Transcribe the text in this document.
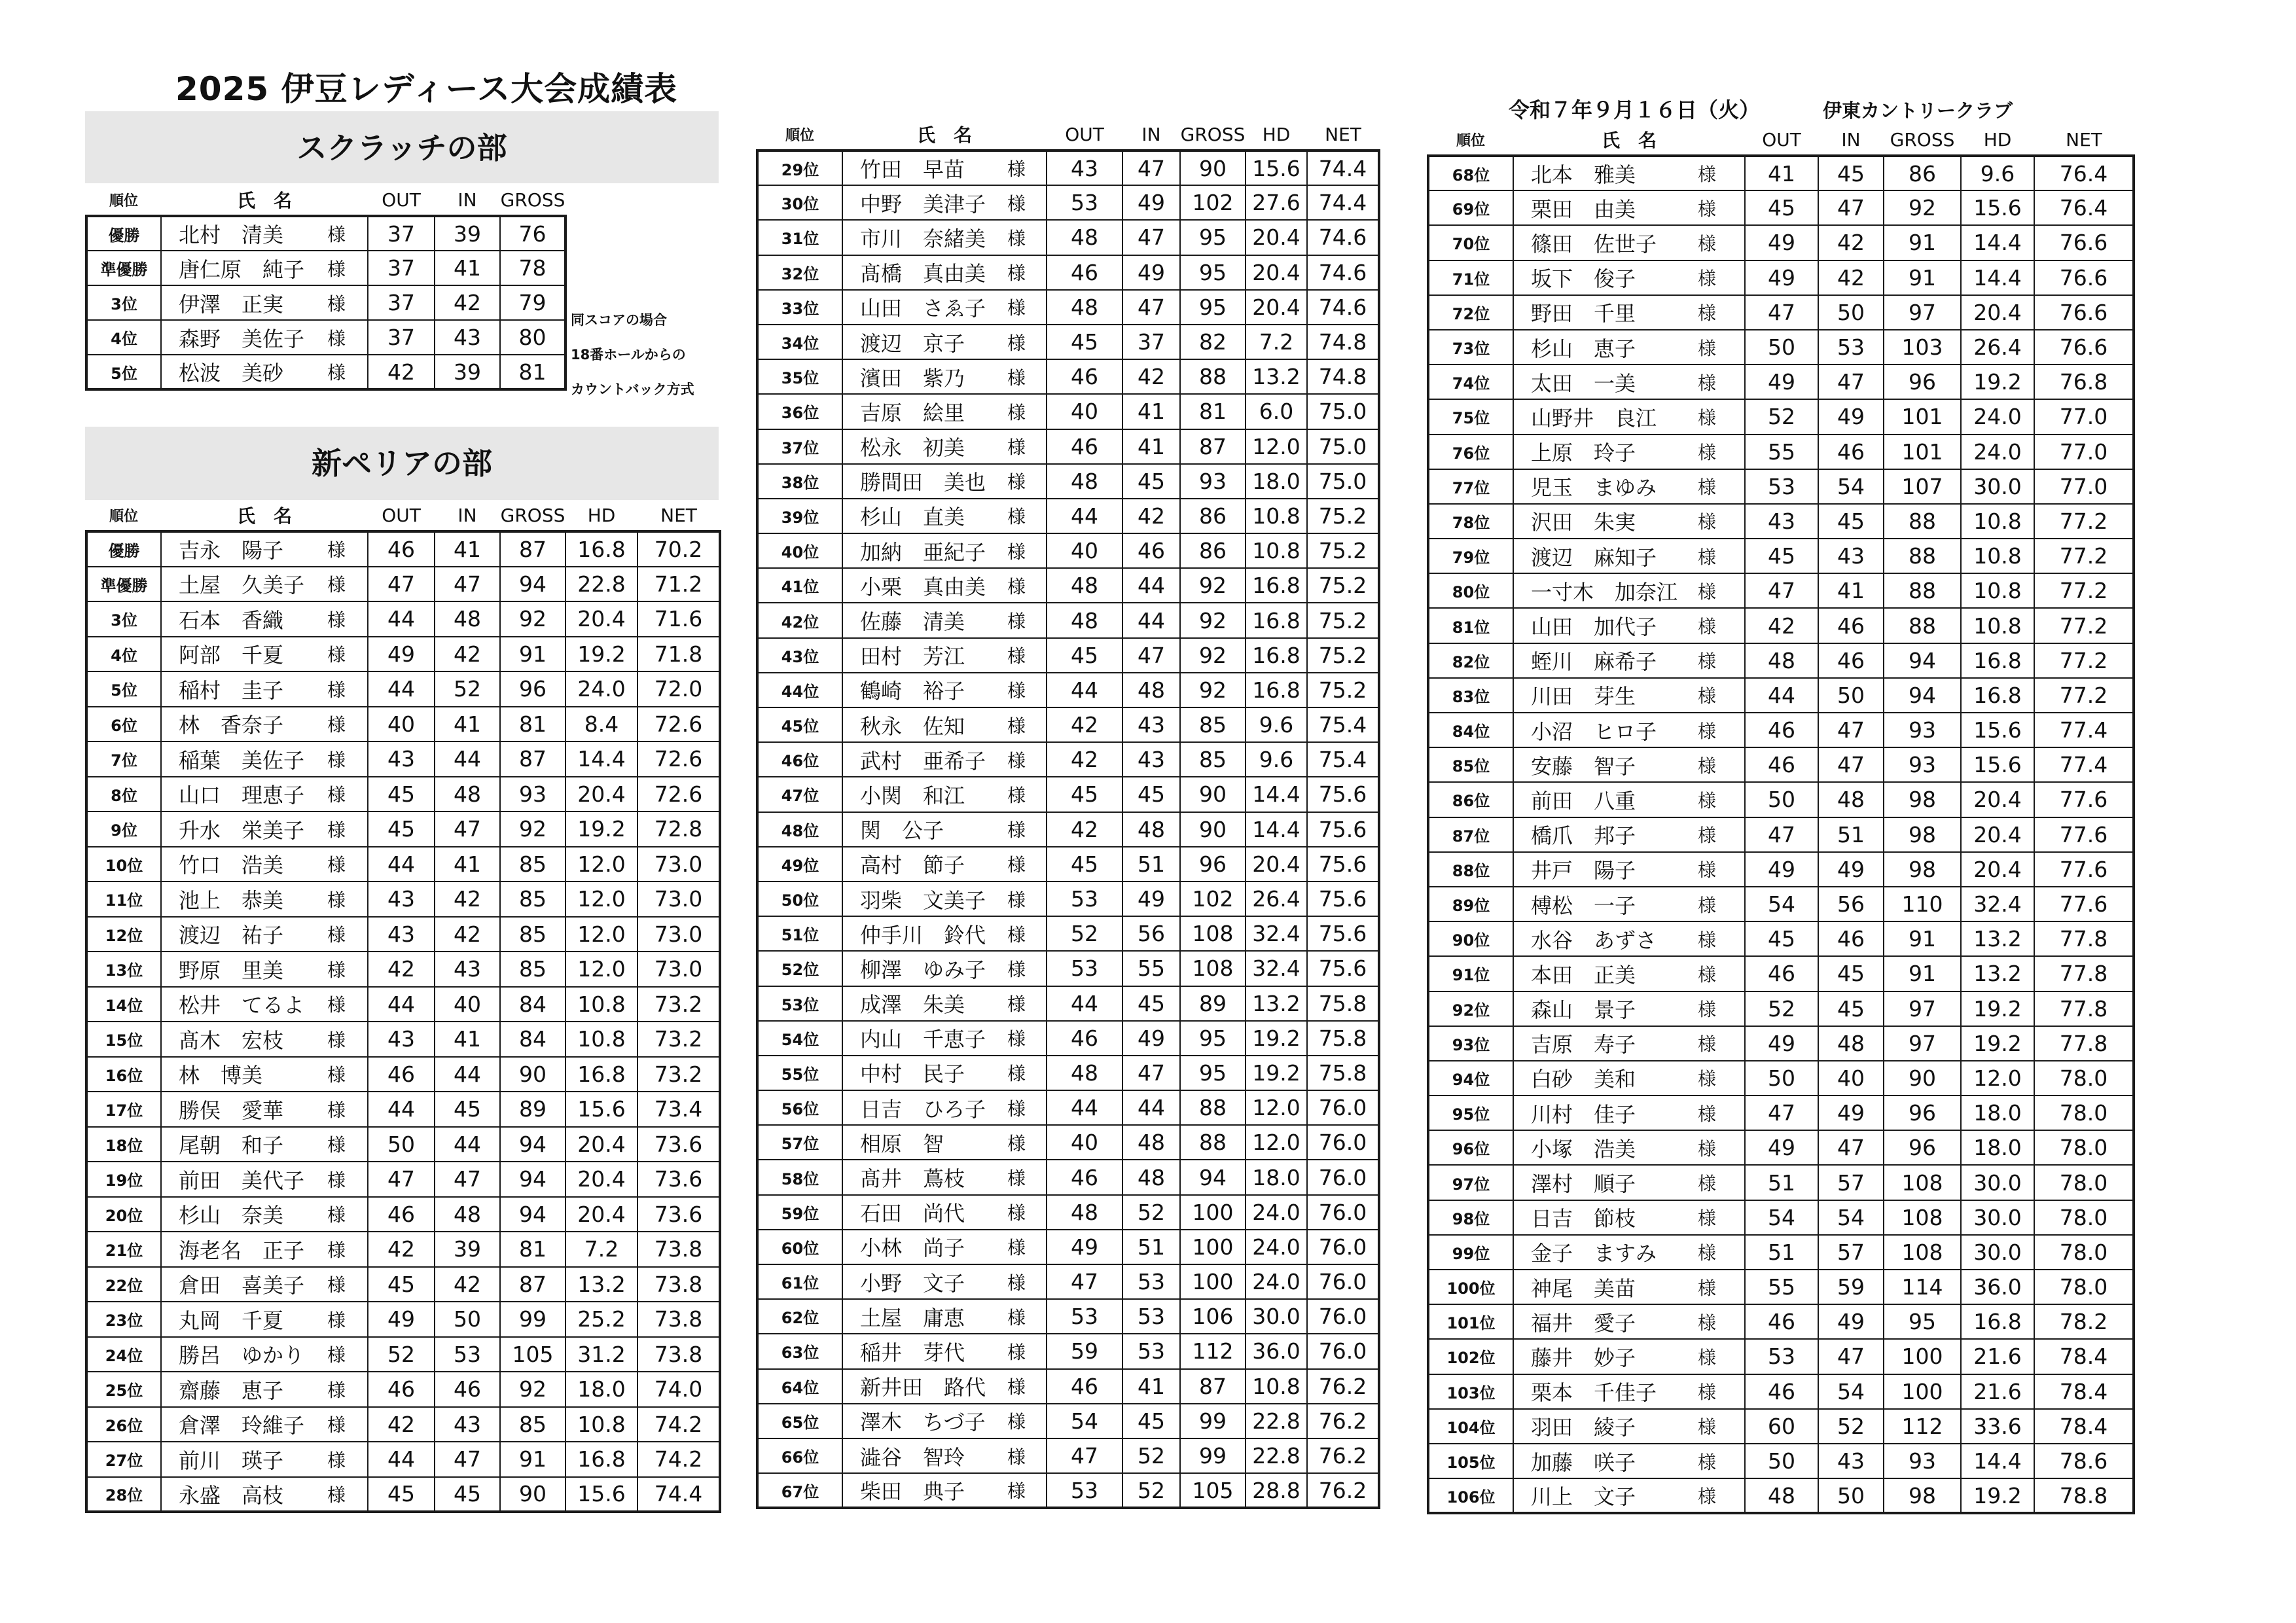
2025 伊豆レディース大会成績表
令和７年９月１６日（火）	伊東カントリークラブ
スクラッチの部
順位	氏　名		OUT	IN	GROSS
優勝	北村　清美	様	37	39	76
準優勝	唐仁原　純子	様	37	41	78
3位	伊澤　正実	様	37	42	79
4位	森野　美佐子	様	37	43	80
5位	松波　美砂	様	42	39	81
同スコアの場合
18番ホールからの
カウントバック方式
新ペリアの部
順位	氏　名		OUT	IN	GROSS	HD	NET
優勝	吉永　陽子	様	46	41	87	16.8	70.2
準優勝	土屋　久美子	様	47	47	94	22.8	71.2
3位	石本　香織	様	44	48	92	20.4	71.6
4位	阿部　千夏	様	49	42	91	19.2	71.8
5位	稲村　圭子	様	44	52	96	24.0	72.0
6位	林　香奈子	様	40	41	81	8.4	72.6
7位	稲葉　美佐子	様	43	44	87	14.4	72.6
8位	山口　理恵子	様	45	48	93	20.4	72.6
9位	升水　栄美子	様	45	47	92	19.2	72.8
10位	竹口　浩美	様	44	41	85	12.0	73.0
11位	池上　恭美	様	43	42	85	12.0	73.0
12位	渡辺　祐子	様	43	42	85	12.0	73.0
13位	野原　里美	様	42	43	85	12.0	73.0
14位	松井　てるよ	様	44	40	84	10.8	73.2
15位	髙木　宏枝	様	43	41	84	10.8	73.2
16位	林　博美	様	46	44	90	16.8	73.2
17位	勝俣　愛華	様	44	45	89	15.6	73.4
18位	尾朝　和子	様	50	44	94	20.4	73.6
19位	前田　美代子	様	47	47	94	20.4	73.6
20位	杉山　奈美	様	46	48	94	20.4	73.6
21位	海老名　正子	様	42	39	81	7.2	73.8
22位	倉田　喜美子	様	45	42	87	13.2	73.8
23位	丸岡　千夏	様	49	50	99	25.2	73.8
24位	勝呂　ゆかり	様	52	53	105	31.2	73.8
25位	齋藤　恵子	様	46	46	92	18.0	74.0
26位	倉澤　玲維子	様	42	43	85	10.8	74.2
27位	前川　瑛子	様	44	47	91	16.8	74.2
28位	永盛　高枝	様	45	45	90	15.6	74.4
順位	氏　名		OUT	IN	GROSS	HD	NET
29位	竹田　早苗	様	43	47	90	15.6	74.4
30位	中野　美津子	様	53	49	102	27.6	74.4
31位	市川　奈緒美	様	48	47	95	20.4	74.6
32位	髙橋　真由美	様	46	49	95	20.4	74.6
33位	山田　さゑ子	様	48	47	95	20.4	74.6
34位	渡辺　京子	様	45	37	82	7.2	74.8
35位	濱田　紫乃	様	46	42	88	13.2	74.8
36位	吉原　絵里	様	40	41	81	6.0	75.0
37位	松永　初美	様	46	41	87	12.0	75.0
38位	勝間田　美也	様	48	45	93	18.0	75.0
39位	杉山　直美	様	44	42	86	10.8	75.2
40位	加納　亜紀子	様	40	46	86	10.8	75.2
41位	小栗　真由美	様	48	44	92	16.8	75.2
42位	佐藤　清美	様	48	44	92	16.8	75.2
43位	田村　芳江	様	45	47	92	16.8	75.2
44位	鶴崎　裕子	様	44	48	92	16.8	75.2
45位	秋永　佐知	様	42	43	85	9.6	75.4
46位	武村　亜希子	様	42	43	85	9.6	75.4
47位	小関　和江	様	45	45	90	14.4	75.6
48位	関　公子	様	42	48	90	14.4	75.6
49位	高村　節子	様	45	51	96	20.4	75.6
50位	羽柴　文美子	様	53	49	102	26.4	75.6
51位	仲手川　鈴代	様	52	56	108	32.4	75.6
52位	柳澤　ゆみ子	様	53	55	108	32.4	75.6
53位	成澤　朱美	様	44	45	89	13.2	75.8
54位	内山　千恵子	様	46	49	95	19.2	75.8
55位	中村　民子	様	48	47	95	19.2	75.8
56位	日吉　ひろ子	様	44	44	88	12.0	76.0
57位	相原　智	様	40	48	88	12.0	76.0
58位	髙井　蔦枝	様	46	48	94	18.0	76.0
59位	石田　尚代	様	48	52	100	24.0	76.0
60位	小林　尚子	様	49	51	100	24.0	76.0
61位	小野　文子	様	47	53	100	24.0	76.0
62位	土屋　庸恵	様	53	53	106	30.0	76.0
63位	稲井　芽代	様	59	53	112	36.0	76.0
64位	新井田　路代	様	46	41	87	10.8	76.2
65位	澤木　ちづ子	様	54	45	99	22.8	76.2
66位	澁谷　智玲	様	47	52	99	22.8	76.2
67位	柴田　典子	様	53	52	105	28.8	76.2
順位	氏　名		OUT	IN	GROSS	HD	NET
68位	北本　雅美	様	41	45	86	9.6	76.4
69位	栗田　由美	様	45	47	92	15.6	76.4
70位	篠田　佐世子	様	49	42	91	14.4	76.6
71位	坂下　俊子	様	49	42	91	14.4	76.6
72位	野田　千里	様	47	50	97	20.4	76.6
73位	杉山　恵子	様	50	53	103	26.4	76.6
74位	太田　一美	様	49	47	96	19.2	76.8
75位	山野井　良江	様	52	49	101	24.0	77.0
76位	上原　玲子	様	55	46	101	24.0	77.0
77位	児玉　まゆみ	様	53	54	107	30.0	77.0
78位	沢田　朱実	様	43	45	88	10.8	77.2
79位	渡辺　麻知子	様	45	43	88	10.8	77.2
80位	一寸木　加奈江	様	47	41	88	10.8	77.2
81位	山田　加代子	様	42	46	88	10.8	77.2
82位	蛭川　麻希子	様	48	46	94	16.8	77.2
83位	川田　芽生	様	44	50	94	16.8	77.2
84位	小沼　ヒロ子	様	46	47	93	15.6	77.4
85位	安藤　智子	様	46	47	93	15.6	77.4
86位	前田　八重	様	50	48	98	20.4	77.6
87位	橋爪　邦子	様	47	51	98	20.4	77.6
88位	井戸　陽子	様	49	49	98	20.4	77.6
89位	榑松　一子	様	54	56	110	32.4	77.6
90位	水谷　あずさ	様	45	46	91	13.2	77.8
91位	本田　正美	様	46	45	91	13.2	77.8
92位	森山　景子	様	52	45	97	19.2	77.8
93位	吉原　寿子	様	49	48	97	19.2	77.8
94位	白砂　美和	様	50	40	90	12.0	78.0
95位	川村　佳子	様	47	49	96	18.0	78.0
96位	小塚　浩美	様	49	47	96	18.0	78.0
97位	澤村　順子	様	51	57	108	30.0	78.0
98位	日吉　節枝	様	54	54	108	30.0	78.0
99位	金子　ますみ	様	51	57	108	30.0	78.0
100位	神尾　美苗	様	55	59	114	36.0	78.0
101位	福井　愛子	様	46	49	95	16.8	78.2
102位	藤井　妙子	様	53	47	100	21.6	78.4
103位	栗本　千佳子	様	46	54	100	21.6	78.4
104位	羽田　綾子	様	60	52	112	33.6	78.4
105位	加藤　咲子	様	50	43	93	14.4	78.6
106位	川上　文子	様	48	50	98	19.2	78.8
